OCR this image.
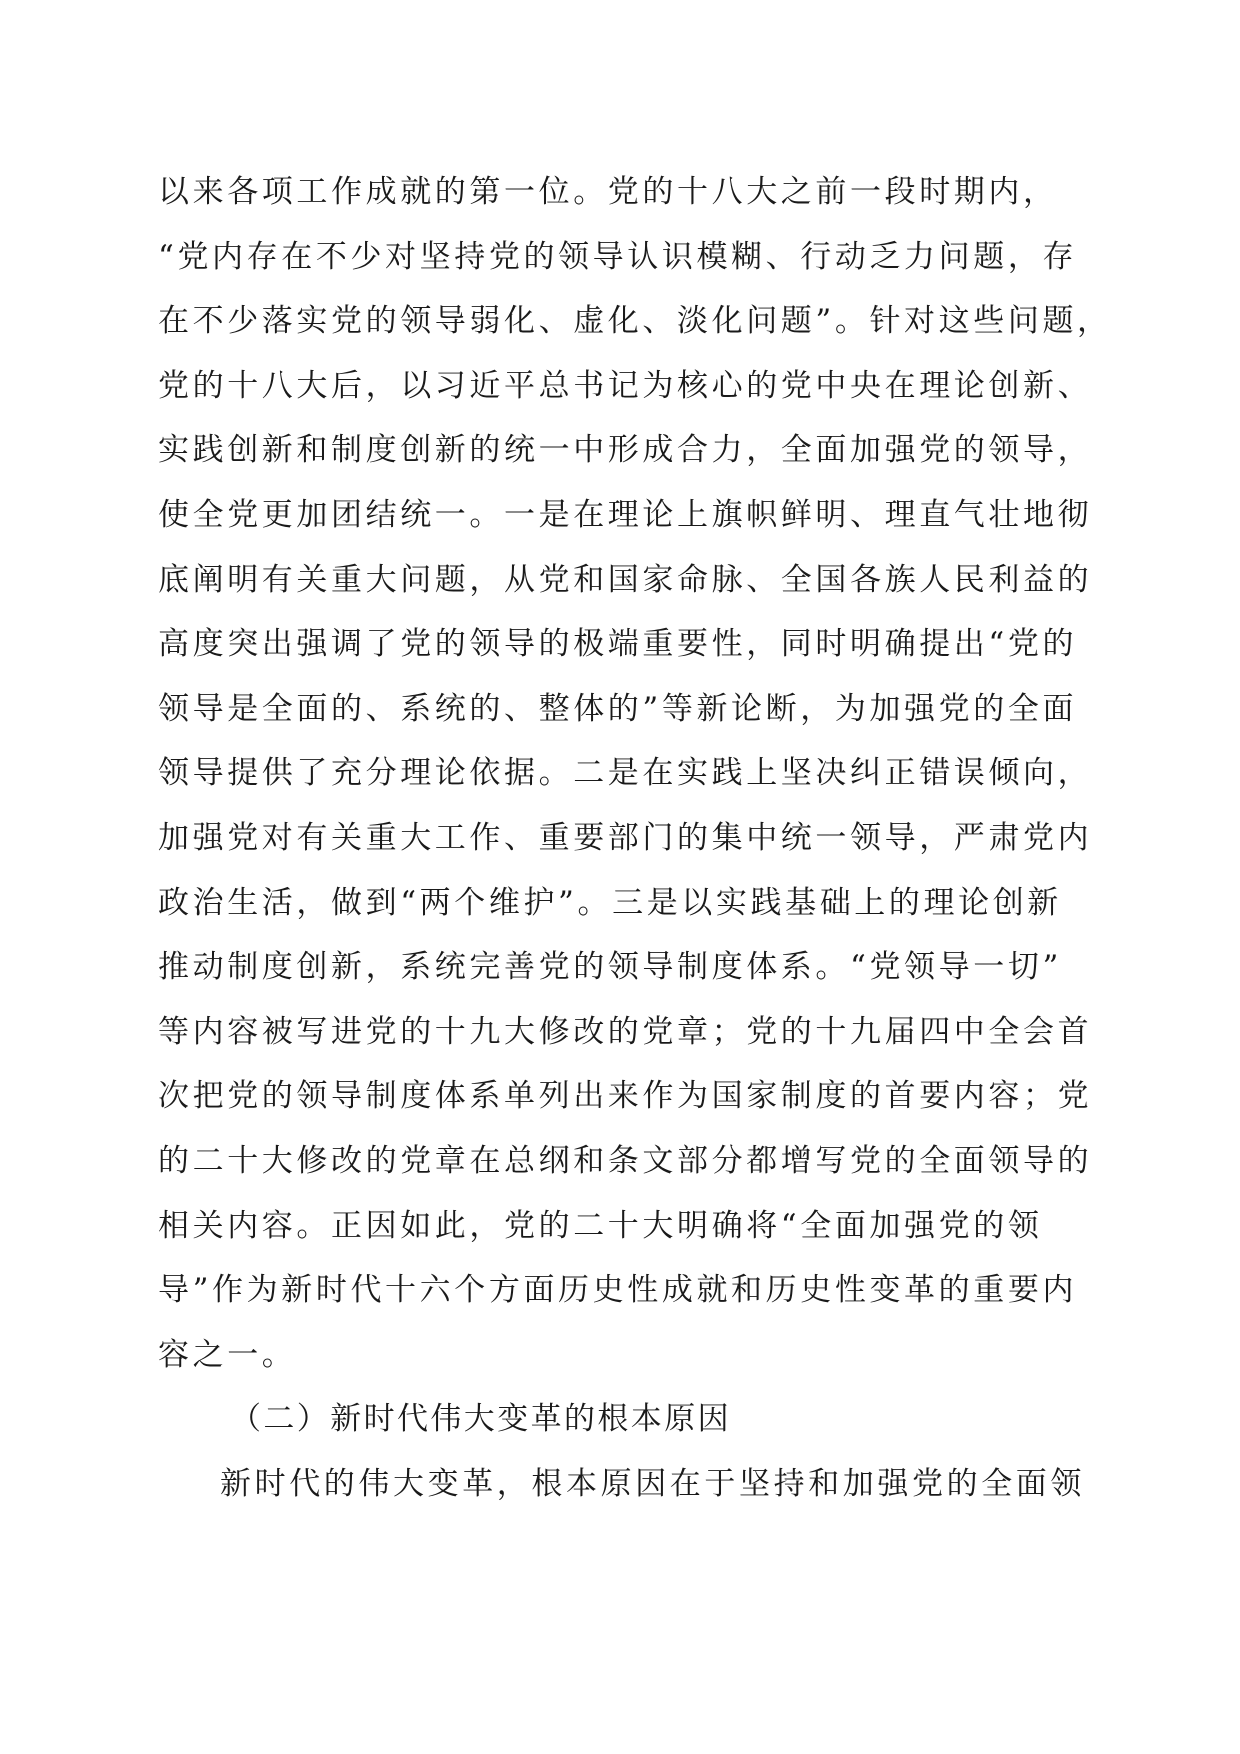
以来各项工作成就的第一位。党的十八大之前一段时期内，
“党内存在不少对坚持党的领导认识模糊、行动乏力问题，存
在不少落实党的领导弱化、虚化、淡化问题”。针对这些问题，
党的十八大后，以习近平总书记为核心的党中央在理论创新、
实践创新和制度创新的统一中形成合力，全面加强党的领导，
使全党更加团结统一。一是在理论上旗帜鲜明、理直气壮地彻
底阐明有关重大问题，从党和国家命脉、全国各族人民利益的
高度突出强调了党的领导的极端重要性，同时明确提出“党的
领导是全面的、系统的、整体的”等新论断，为加强党的全面
领导提供了充分理论依据。二是在实践上坚决纠正错误倾向，
加强党对有关重大工作、重要部门的集中统一领导，严肃党内
政治生活，做到“两个维护”。三是以实践基础上的理论创新
推动制度创新，系统完善党的领导制度体系。“党领导一切”
等内容被写进党的十九大修改的党章；党的十九届四中全会首
次把党的领导制度体系单列出来作为国家制度的首要内容；党
的二十大修改的党章在总纲和条文部分都增写党的全面领导的
相关内容。正因如此，党的二十大明确将“全面加强党的领
导”作为新时代十六个方面历史性成就和历史性变革的重要内
容之一。
（二）新时代伟大变革的根本原因
新时代的伟大变革，根本原因在于坚持和加强党的全面领
